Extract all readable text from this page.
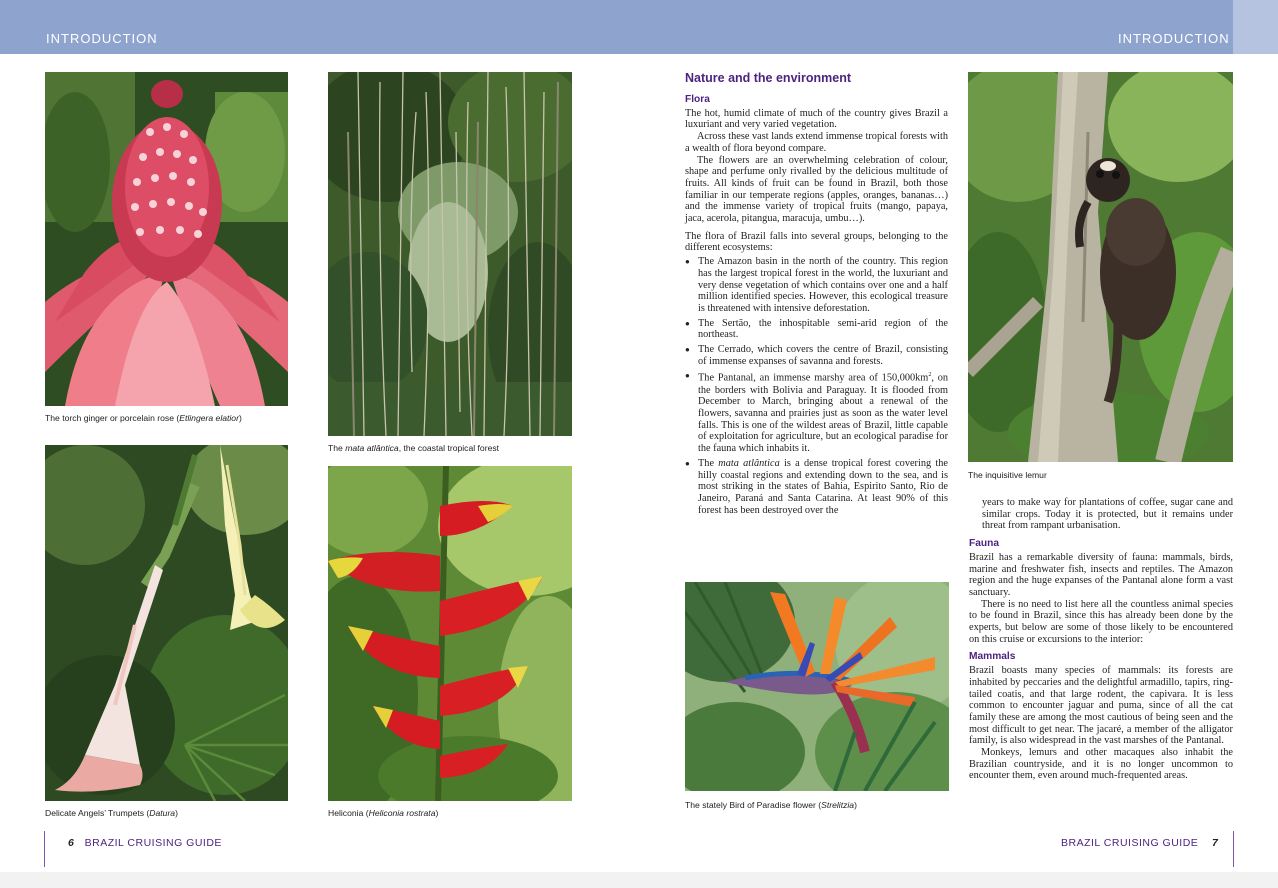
INTRODUCTION	INTRODUCTION
The torch ginger or porcelain rose (Etlingera elatior)
The mata atlântica, the coastal tropical forest
Delicate Angels’ Trumpets (Datura)	Heliconia (Heliconia rostrata)
Nature and the environment
Flora

The hot, humid climate of much of the country gives Brazil a luxuriant and very varied vegetation.

Across these vast lands extend immense tropical forests with a wealth of flora beyond compare.

The flowers are an overwhelming celebration of colour, shape and perfume only rivalled by the delicious multitude of fruits. All kinds of fruit can be found in Brazil, both those familiar in our temperate regions (apples, oranges, bananas…) and the immense variety of tropical fruits (mango, papaya, jaca, acerola, pitangua, maracuja, umbu…).

The flora of Brazil falls into several groups, belonging to the different ecosystems:

● The Amazon basin in the north of the country. This region has the largest tropical forest in the world, the luxuriant and very dense vegetation of which contains over one and a half million identified species. However, this ecological treasure is threatened with intensive deforestation.
● The Sertão, the inhospitable semi-arid region of the northeast.
● The Cerrado, which covers the centre of Brazil, consisting of immense expanses of savanna and forests.
● The Pantanal, an immense marshy area of $150,000km^2$, on the borders with Bolivia and Paraguay. It is flooded from December to March, bringing about a renewal of the flowers, savanna and prairies just as soon as the water level falls. This is one of the wildest areas of Brazil, little capable of exploitation for agriculture, but an ecological paradise for the fauna which inhabits it.
● The mata atlântica is a dense tropical forest covering the hilly coastal regions and extending down to the sea, and is most striking in the states of Bahia, Espirito Santo, Rio de Janeiro, Paraná and Santa Catarina. At least 90% of this forest has been destroyed over the
The stately Bird of Paradise flower (Strelitzia)
The inquisitive lemur

years to make way for plantations of coffee, sugar cane and similar crops. Today it is protected, but it remains under threat from rampant urbanisation.

Fauna

Brazil has a remarkable diversity of fauna: mammals, birds, marine and freshwater fish, insects and reptiles. The Amazon region and the huge expanses of the Pantanal alone form a vast sanctuary.

There is no need to list here all the countless animal species to be found in Brazil, since this has already been done by the experts, but below are some of those likely to be encountered on this cruise or excursions to the interior:

Mammals

Brazil boasts many species of mammals: its forests are inhabited by peccaries and the delightful armadillo, tapirs, ring-tailed coatis, and that large rodent, the capivara. It is less common to encounter jaguar and puma, since of all the cat family these are among the most cautious of being seen and the most difficult to get near. The jacaré, a member of the alligator family, is also widespread in the vast marshes of the Pantanal.

Monkeys, lemurs and other macaques also inhabit the Brazilian countryside, and it is no longer uncommon to encounter them, even around much-frequented areas.

6 BRAZIL CRUISING GUIDE	BRAZIL CRUISING GUIDE 7
